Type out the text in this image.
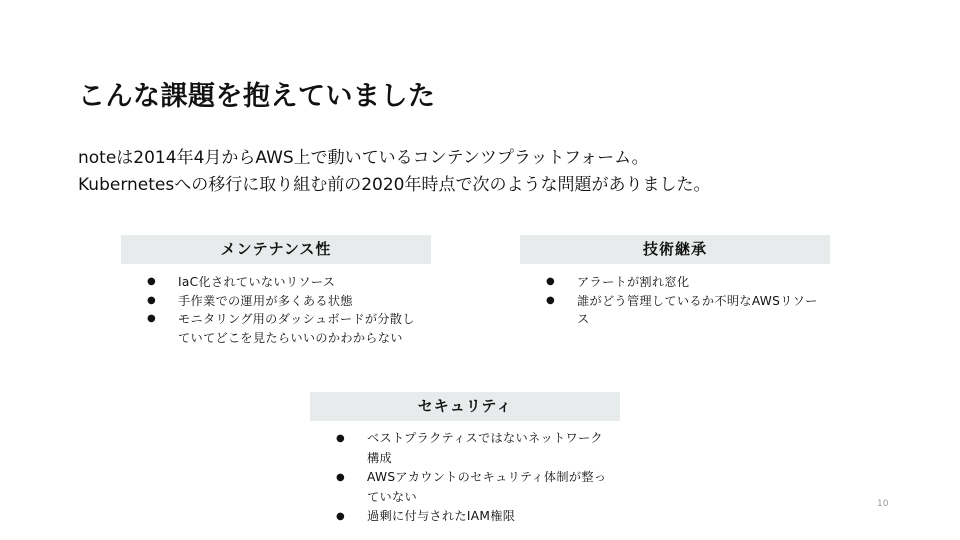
こんな課題を抱えていました
noteは2014年4月からAWS上で動いているコンテンツプラットフォーム。
Kubernetesへの移行に取り組む前の2020年時点で次のような問題がありました。
メンテナンス性
● IaC化されていないリソース
● 手作業での運用が多くある状態
● モニタリング用のダッシュボードが分散していてどこを見たらいいのかわからない
技術継承
● アラートが割れ窓化
● 誰がどう管理しているか不明なAWSリソース
セキュリティ
● ベストプラクティスではないネットワーク構成
● AWSアカウントのセキュリティ体制が整っていない
● 過剰に付与されたIAM権限
10
